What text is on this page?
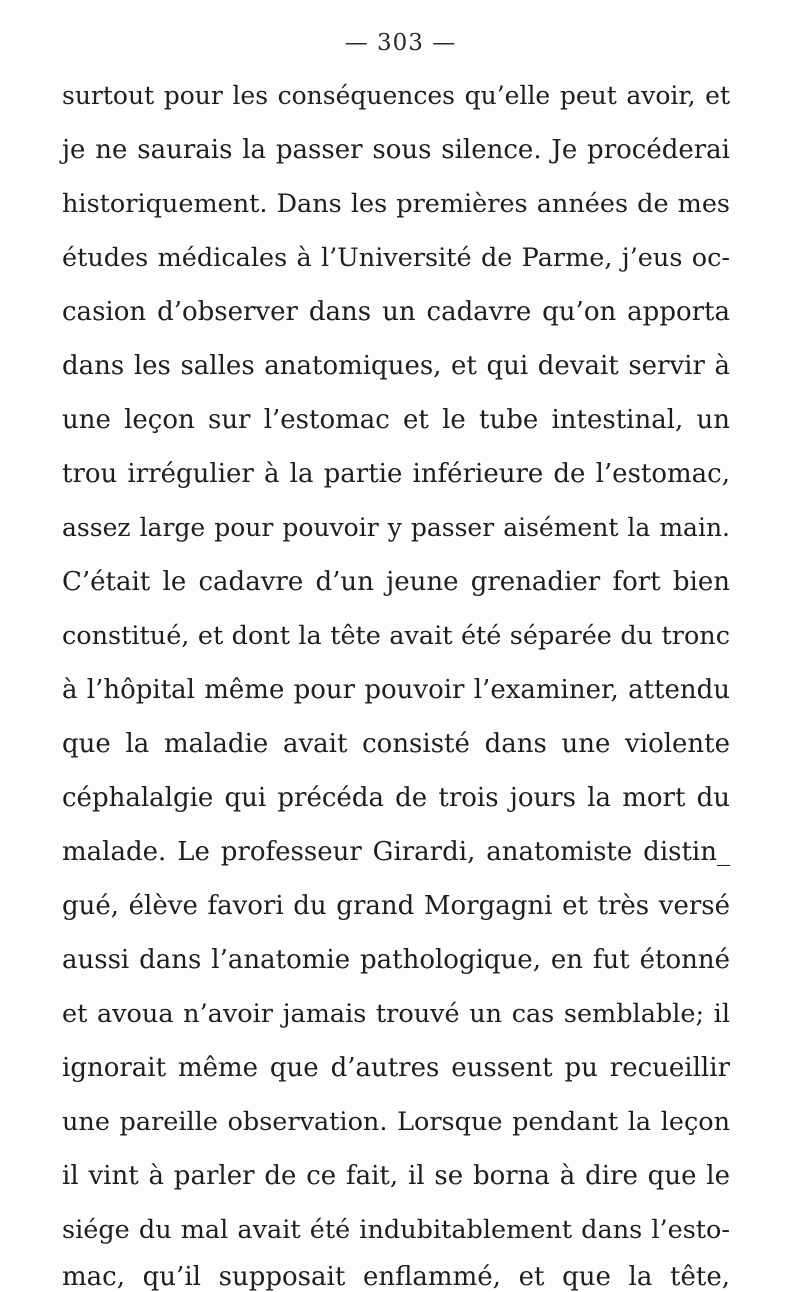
— 303 —
surtout pour les conséquences qu’elle peut avoir, et
je ne saurais la passer sous silence. Je procéderai
historiquement. Dans les premières années de mes
études médicales à l’Université de Parme, j’eus oc-
casion d’observer dans un cadavre qu’on apporta
dans les salles anatomiques, et qui devait servir à
une leçon sur l’estomac et le tube intestinal, un
trou irrégulier à la partie inférieure de l’estomac,
assez large pour pouvoir y passer aisément la main.
C’était le cadavre d’un jeune grenadier fort bien
constitué, et dont la tête avait été séparée du tronc
à l’hôpital même pour pouvoir l’examiner, attendu
que la maladie avait consisté dans une violente
céphalalgie qui précéda de trois jours la mort du
malade. Le professeur Girardi, anatomiste distin_
gué, élève favori du grand Morgagni et très versé
aussi dans l’anatomie pathologique, en fut étonné
et avoua n’avoir jamais trouvé un cas semblable; il
ignorait même que d’autres eussent pu recueillir
une pareille observation. Lorsque pendant la leçon
il vint à parler de ce fait, il se borna à dire que le
siége du mal avait été indubitablement dans l’esto-
mac, qu’il supposait enflammé, et que la tête,
